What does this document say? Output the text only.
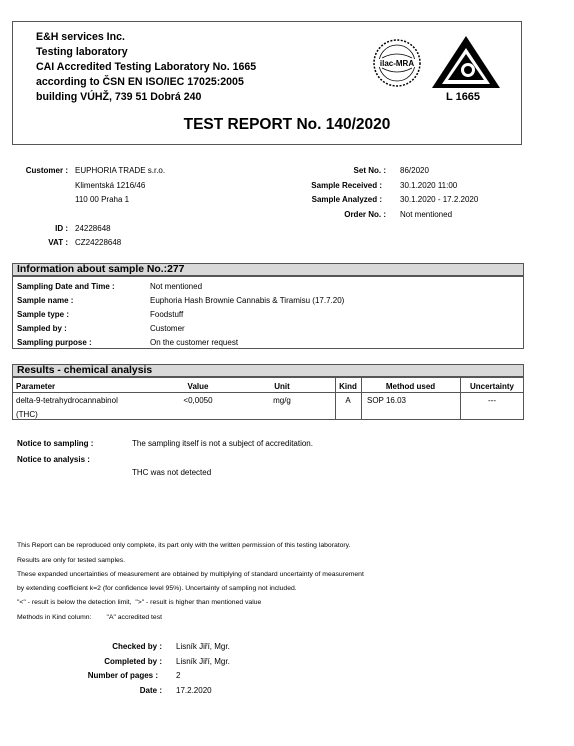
E&H services Inc.
Testing laboratory
CAI Accredited Testing Laboratory No. 1665
according to ČSN EN ISO/IEC 17025:2005
building VÚHŽ, 739 51 Dobrá 240
ilac-MRA
L 1665
TEST REPORT No. 140/2020
Customer : EUPHORIA TRADE s.r.o.
Klimentská 1216/46
110 00 Praha 1
ID : 24228648
VAT : CZ24228648
Set No. : 86/2020
Sample Received : 30.1.2020 11:00
Sample Analyzed : 30.1.2020 - 17.2.2020
Order No. : Not mentioned
Information about sample No.:277
Sampling Date and Time :	Not mentioned
Sample name :	Euphoria Hash Brownie Cannabis & Tiramisu (17.7.20)
Sample type :	Foodstuff
Sampled by :	Customer
Sampling purpose :	On the customer request
Results - chemical analysis
Parameter	Value	Unit	Kind	Method used	Uncertainty
delta-9-tetrahydrocannabinol
(THC)
<0,0050	mg/g	A	SOP 16.03	---
Notice to sampling :	The sampling itself is not a subject of accreditation.
Notice to analysis :
THC was not detected
This Report can be reproduced only complete, its part only with the written permission of this testing laboratory.
Results are only for tested samples.
These expanded uncertainties of measurement are obtained by multiplying of standard uncertainty of measurement
by extending coefficient k=2 (for confidence level 95%). Uncertainty of sampling not included.
"<" - result is below the detection limit,  ">" - result is higher than mentioned value
Methods in Kind column:        "A" accredited test
Checked by : Lisník Jiří, Mgr.
Completed by : Lisník Jiří, Mgr.
Number of pages : 2
Date : 17.2.2020
